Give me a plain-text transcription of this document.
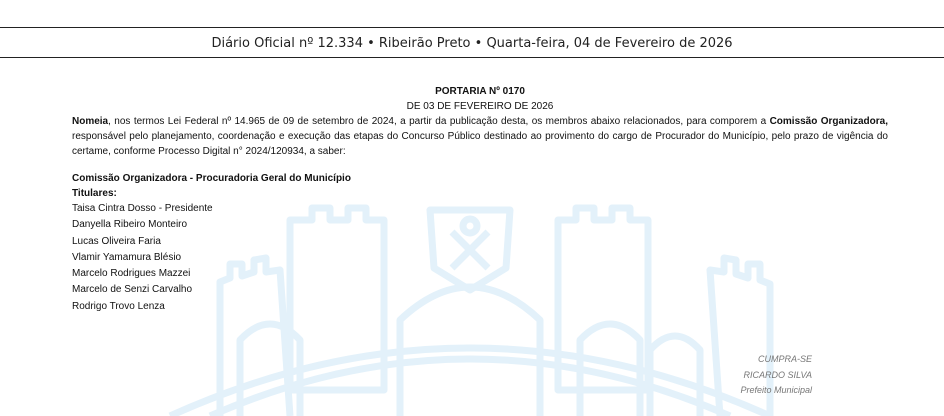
Diário Oficial nº 12.334 • Ribeirão Preto • Quarta-feira, 04 de Fevereiro de 2026
PORTARIA Nº 0170
DE 03 DE FEVEREIRO DE 2026
Nomeia, nos termos Lei Federal nº 14.965 de 09 de setembro de 2024, a partir da publicação desta, os membros abaixo relacionados, para comporem a Comissão Organizadora, responsável pelo planejamento, coordenação e execução das etapas do Concurso Público destinado ao provimento do cargo de Procurador do Município, pelo prazo de vigência do certame, conforme Processo Digital n° 2024/120934, a saber:
Comissão Organizadora - Procuradoria Geral do Município
Titulares:
Taisa Cintra Dosso - Presidente
Danyella Ribeiro Monteiro
Lucas Oliveira Faria
Vlamir Yamamura Blésio
Marcelo Rodrigues Mazzei
Marcelo de Senzi Carvalho
Rodrigo Trovo Lenza
CUMPRA-SE
RICARDO SILVA
Prefeito Municipal
